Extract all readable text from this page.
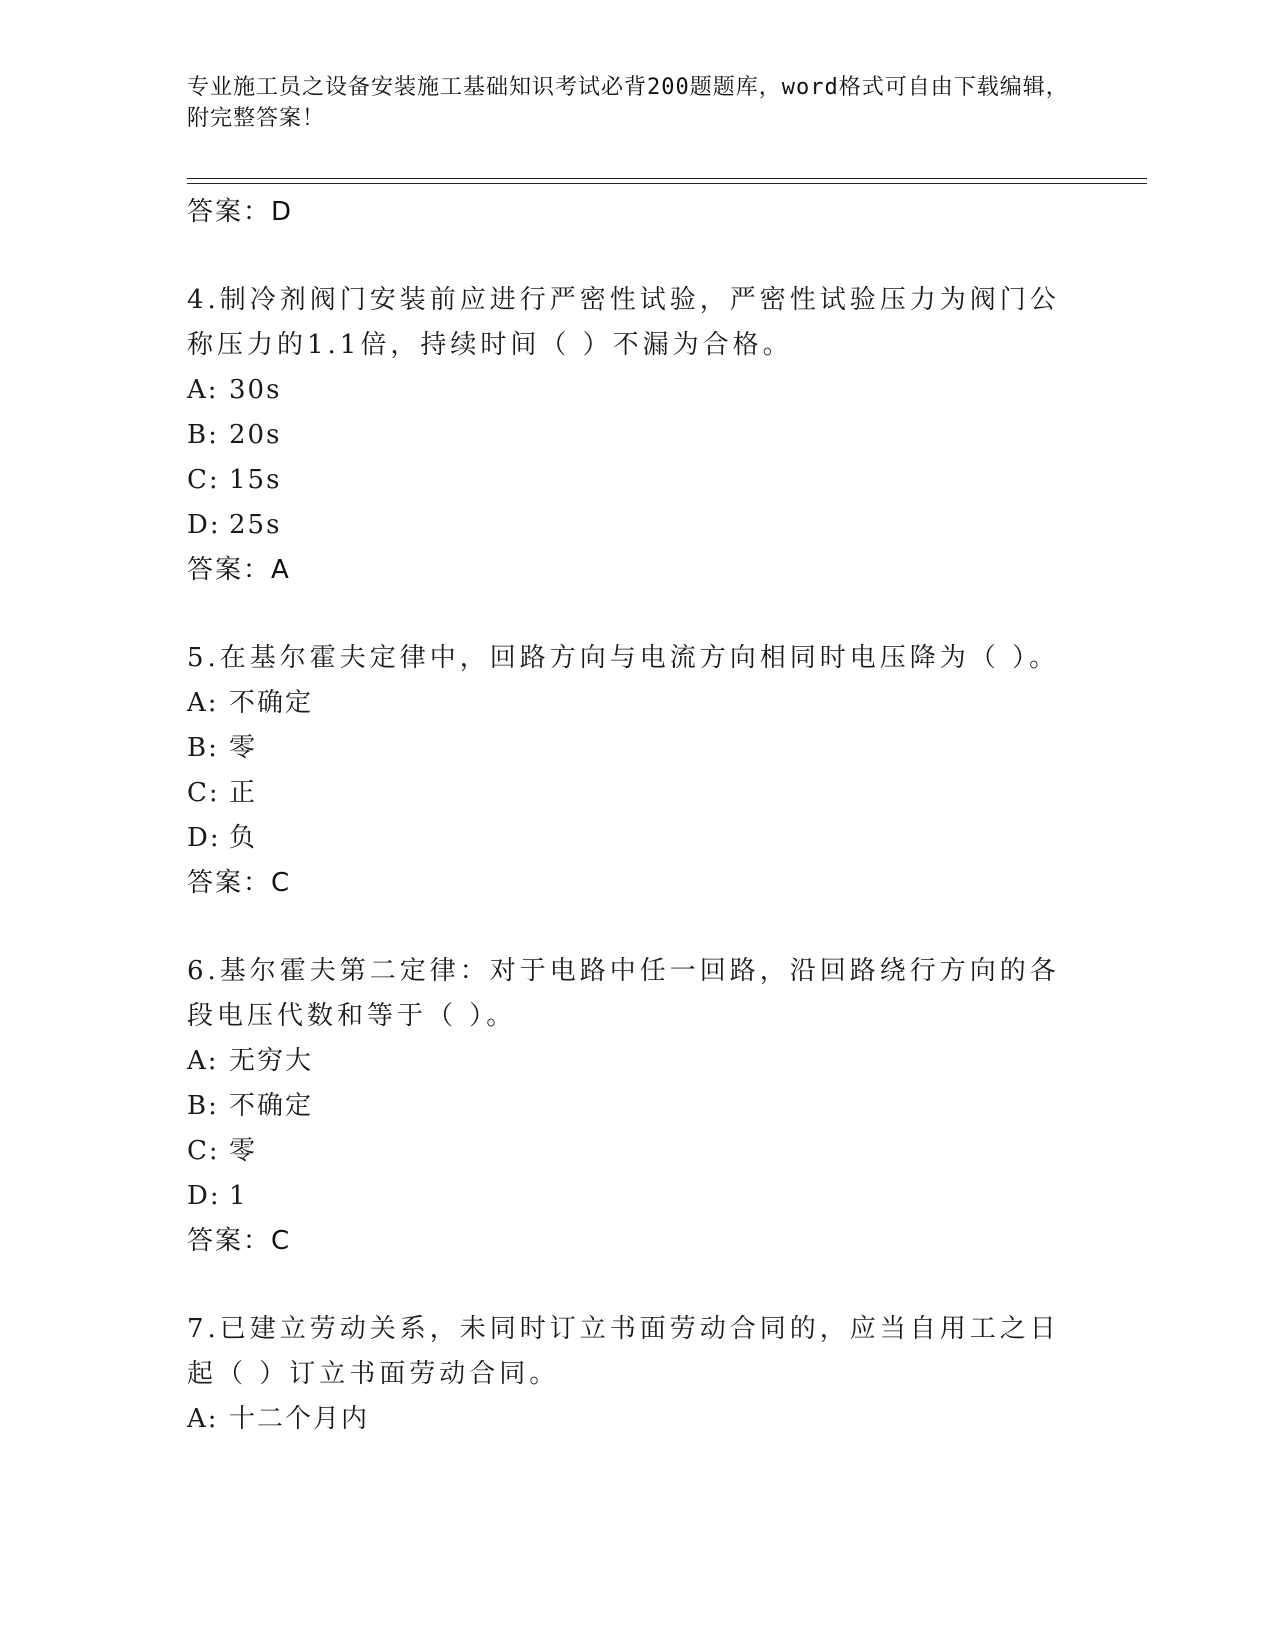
专业施工员之设备安装施工基础知识考试必背200题题库，word格式可自由下载编辑，附完整答案！
答案：D
4.制冷剂阀门安装前应进行严密性试验，严密性试验压力为阀门公称压力的1.1倍，持续时间（ ）不漏为合格。
A: 30s
B: 20s
C: 15s
D: 25s
答案：A
5.在基尔霍夫定律中，回路方向与电流方向相同时电压降为（ ）。
A: 不确定
B: 零
C: 正
D: 负
答案：C
6.基尔霍夫第二定律：对于电路中任一回路，沿回路绕行方向的各段电压代数和等于（ ）。
A: 无穷大
B: 不确定
C: 零
D: 1
答案：C
7.已建立劳动关系，未同时订立书面劳动合同的，应当自用工之日起（ ）订立书面劳动合同。
A: 十二个月内
